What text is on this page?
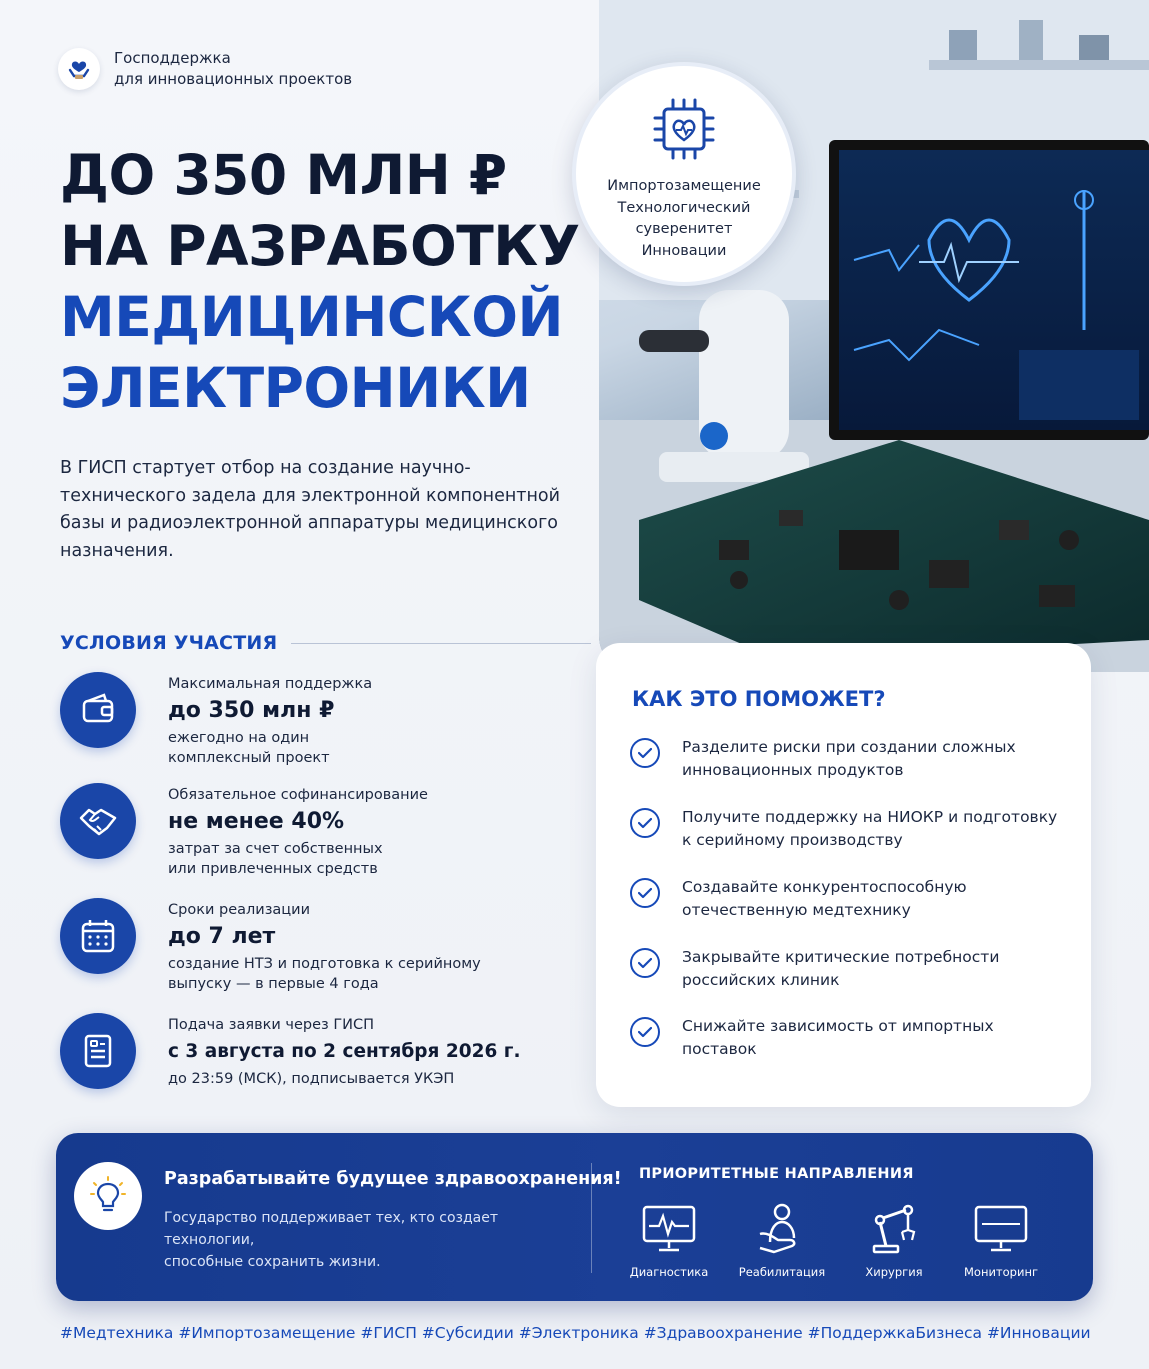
Господдержка
для инновационных проектов
Импортозамещение
Технологический
суверенитет
Инновации
ДО 350 МЛН ₽
НА РАЗРАБОТКУ
МЕДИЦИНСКОЙ
ЭЛЕКТРОНИКИ
В ГИСП стартует отбор на создание научно-технического задела для электронной компонентной базы и радиоэлектронной аппаратуры медицинского назначения.
УСЛОВИЯ УЧАСТИЯ
Максимальная поддержка
до 350 млн ₽
ежегодно на один
комплексный проект
Обязательное софинансирование
не менее 40%
затрат за счет собственных
или привлеченных средств
Сроки реализации
до 7 лет
создание НТЗ и подготовка к серийному
выпуску — в первые 4 года
Подача заявки через ГИСП
с 3 августа по 2 сентября 2026 г.
до 23:59 (МСК), подписывается УКЭП
КАК ЭТО ПОМОЖЕТ?
Разделите риски при создании сложных
инновационных продуктов
Получите поддержку на НИОКР и подготовку
к серийному производству
Создавайте конкурентоспособную
отечественную медтехнику
Закрывайте критические потребности
российских клиник
Снижайте зависимость от импортных
поставок
Разрабатывайте будущее здравоохранения!
Государство поддерживает тех, кто создает технологии,
способные сохранить жизни.
ПРИОРИТЕТНЫЕ НАПРАВЛЕНИЯ
Диагностика	Реабилитация	Хирургия	Мониторинг
#Медтехника #Импортозамещение #ГИСП #Субсидии #Электроника #Здравоохранение #ПоддержкаБизнеса #Инновации
